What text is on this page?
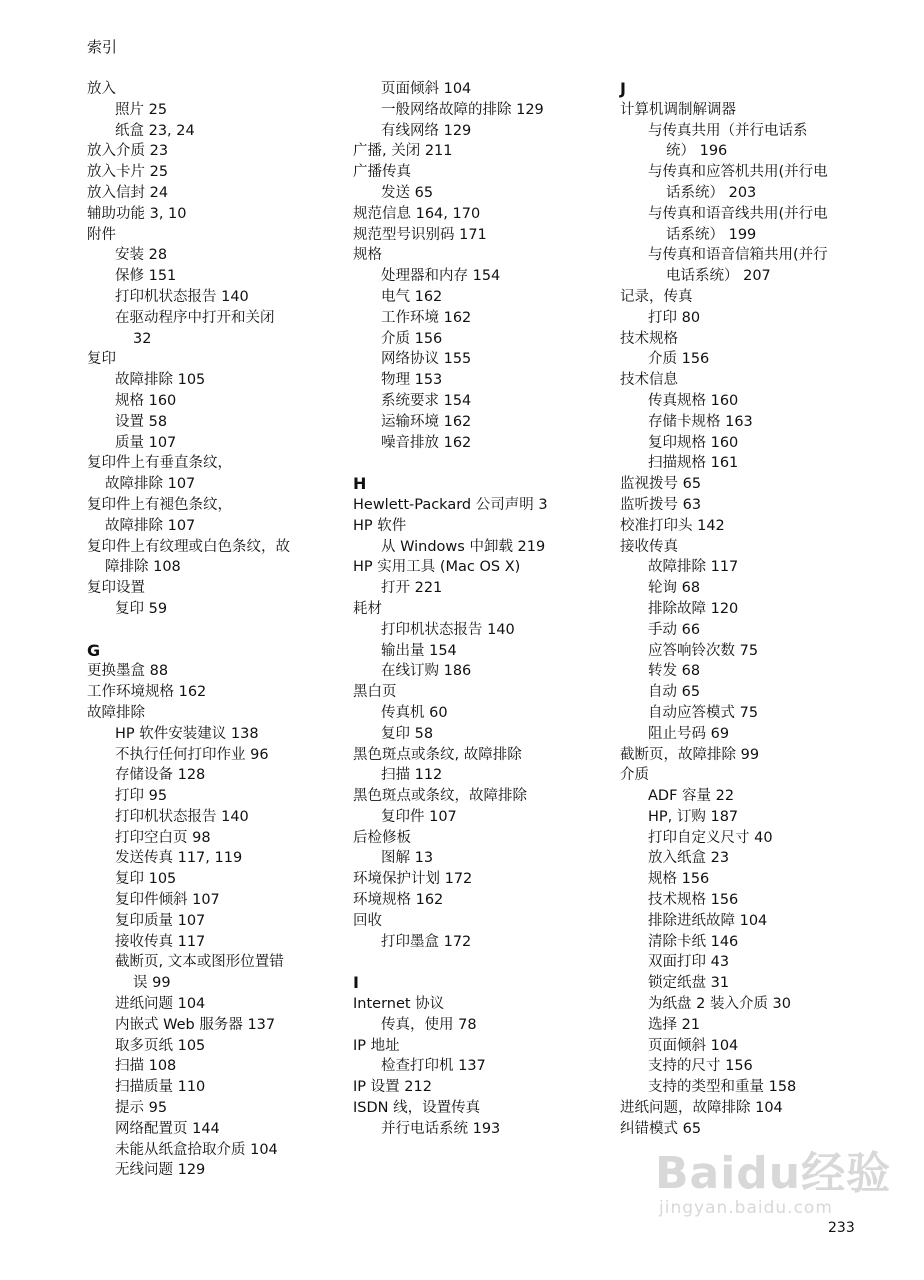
索引
放入
照片 25
纸盒 23, 24
放入介质 23
放入卡片 25
放入信封 24
辅助功能 3, 10
附件
安装 28
保修 151
打印机状态报告 140
在驱动程序中打开和关闭
32
复印
故障排除 105
规格 160
设置 58
质量 107
复印件上有垂直条纹，
故障排除 107
复印件上有褪色条纹，
故障排除 107
复印件上有纹理或白色条纹，故
障排除 108
复印设置
复印 59
G
更换墨盒 88
工作环境规格 162
故障排除
HP 软件安装建议 138
不执行任何打印作业 96
存储设备 128
打印 95
打印机状态报告 140
打印空白页 98
发送传真 117, 119
复印 105
复印件倾斜 107
复印质量 107
接收传真 117
截断页, 文本或图形位置错
误 99
进纸问题 104
内嵌式 Web 服务器 137
取多页纸 105
扫描 108
扫描质量 110
提示 95
网络配置页 144
未能从纸盒拾取介质 104
无线问题 129
页面倾斜 104
一般网络故障的排除 129
有线网络 129
广播, 关闭 211
广播传真
发送 65
规范信息 164, 170
规范型号识别码 171
规格
处理器和内存 154
电气 162
工作环境 162
介质 156
网络协议 155
物理 153
系统要求 154
运输环境 162
噪音排放 162
H
Hewlett-Packard 公司声明 3
HP 软件
从 Windows 中卸载 219
HP 实用工具 (Mac OS X)
打开 221
耗材
打印机状态报告 140
输出量 154
在线订购 186
黑白页
传真机 60
复印 58
黑色斑点或条纹, 故障排除
扫描 112
黑色斑点或条纹，故障排除
复印件 107
后检修板
图解 13
环境保护计划 172
环境规格 162
回收
打印墨盒 172
I
Internet 协议
传真，使用 78
IP 地址
检查打印机 137
IP 设置 212
ISDN 线，设置传真
并行电话系统 193
J
计算机调制解调器
与传真共用（并行电话系
统） 196
与传真和应答机共用(并行电
话系统） 203
与传真和语音线共用(并行电
话系统） 199
与传真和语音信箱共用(并行
电话系统） 207
记录，传真
打印 80
技术规格
介质 156
技术信息
传真规格 160
存储卡规格 163
复印规格 160
扫描规格 161
监视拨号 65
监听拨号 63
校准打印头 142
接收传真
故障排除 117
轮询 68
排除故障 120
手动 66
应答响铃次数 75
转发 68
自动 65
自动应答模式 75
阻止号码 69
截断页，故障排除 99
介质
ADF 容量 22
HP, 订购 187
打印自定义尺寸 40
放入纸盒 23
规格 156
技术规格 156
排除进纸故障 104
清除卡纸 146
双面打印 43
锁定纸盘 31
为纸盘 2 装入介质 30
选择 21
页面倾斜 104
支持的尺寸 156
支持的类型和重量 158
进纸问题，故障排除 104
纠错模式 65
Baidu经验
jingyan.baidu.com
233
